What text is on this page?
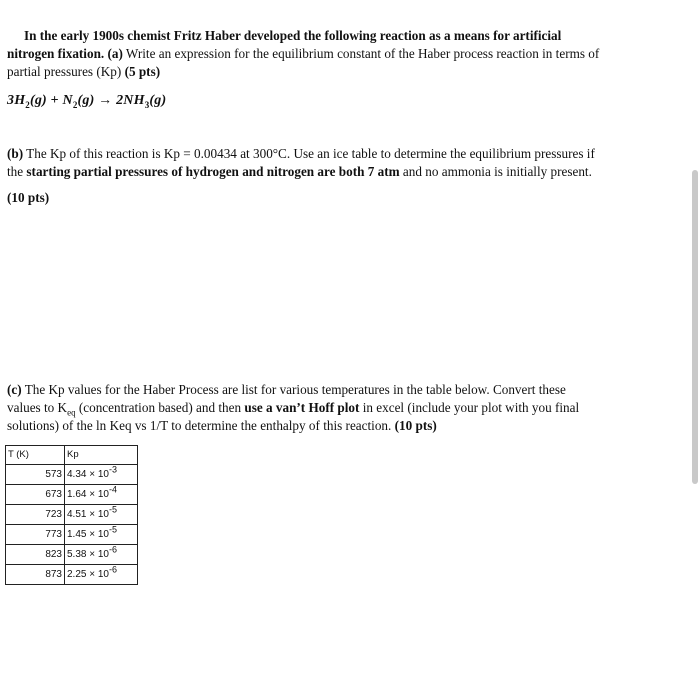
In the early 1900s chemist Fritz Haber developed the following reaction as a means for artificial
nitrogen fixation. (a) Write an expression for the equilibrium constant of the Haber process reaction in terms of
partial pressures (Kp) (5 pts)
$3H_2(g) + N_2(g) \to 2NH_3(g)$
(b) The Kp of this reaction is Kp = 0.00434 at 300°C. Use an ice table to determine the equilibrium pressures if
the starting partial pressures of hydrogen and nitrogen are both 7 atm and no ammonia is initially present.
(10 pts)
(c) The Kp values for the Haber Process are list for various temperatures in the table below. Convert these
values to $K_{eq}$ (concentration based) and then use a van’t Hoff plot in excel (include your plot with you final
solutions) of the ln Keq vs 1/T to determine the enthalpy of this reaction. (10 pts)
T (K)	Kp
573	$4.34 \times 10^{-3}$
673	$1.64 \times 10^{-4}$
723	$4.51 \times 10^{-5}$
773	$1.45 \times 10^{-5}$
823	$5.38 \times 10^{-6}$
873	$2.25 \times 10^{-6}$
